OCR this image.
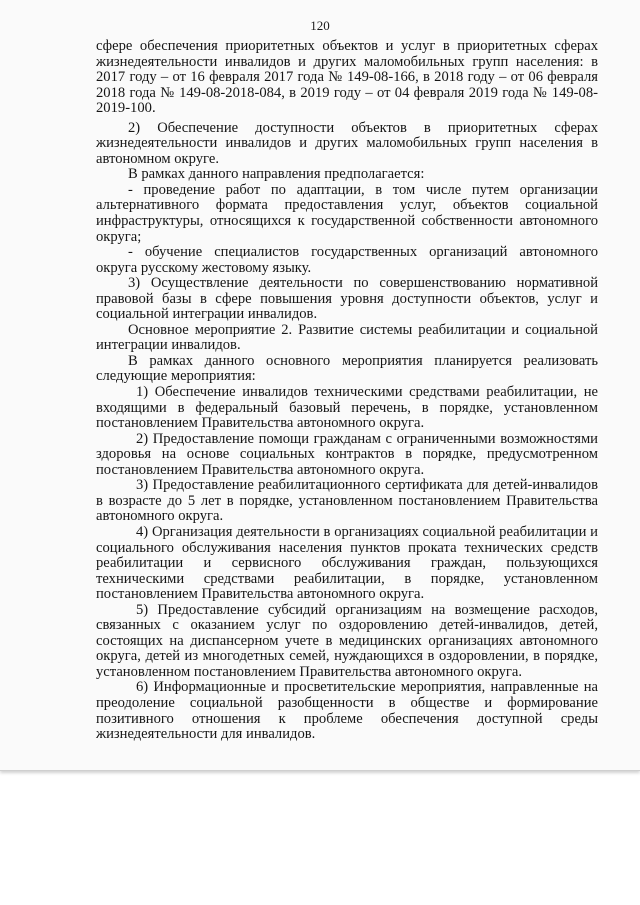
120

сфере обеспечения приоритетных объектов и услуг в приоритетных сферах жизнедеятельности инвалидов и других маломобильных групп населения: в 2017 году – от 16 февраля 2017 года № 149-08-166, в 2018 году – от 06 февраля 2018 года № 149-08-2018-084, в 2019 году – от 04 февраля 2019 года № 149-08-2019-100.

2) Обеспечение доступности объектов в приоритетных сферах жизнедеятельности инвалидов и других маломобильных групп населения в автономном округе.

В рамках данного направления предполагается:

- проведение работ по адаптации, в том числе путем организации альтернативного формата предоставления услуг, объектов социальной инфраструктуры, относящихся к государственной собственности автономного округа;

- обучение специалистов государственных организаций автономного округа русскому жестовому языку.

3) Осуществление деятельности по совершенствованию нормативной правовой базы в сфере повышения уровня доступности объектов, услуг и социальной интеграции инвалидов.

Основное мероприятие 2. Развитие системы реабилитации и социальной интеграции инвалидов.

В рамках данного основного мероприятия планируется реализовать следующие мероприятия:

1) Обеспечение инвалидов техническими средствами реабилитации, не входящими в федеральный базовый перечень, в порядке, установленном постановлением Правительства автономного округа.

2) Предоставление помощи гражданам с ограниченными возможностями здоровья на основе социальных контрактов в порядке, предусмотренном постановлением Правительства автономного округа.

3) Предоставление реабилитационного сертификата для детей-инвалидов в возрасте до 5 лет в порядке, установленном постановлением Правительства автономного округа.

4) Организация деятельности в организациях социальной реабилитации и социального обслуживания населения пунктов проката технических средств реабилитации и сервисного обслуживания граждан, пользующихся техническими средствами реабилитации, в порядке, установленном постановлением Правительства автономного округа.

5) Предоставление субсидий организациям на возмещение расходов, связанных с оказанием услуг по оздоровлению детей-инвалидов, детей, состоящих на диспансерном учете в медицинских организациях автономного округа, детей из многодетных семей, нуждающихся в оздоровлении, в порядке, установленном постановлением Правительства автономного округа.

6) Информационные и просветительские мероприятия, направленные на преодоление социальной разобщенности в обществе и формирование позитивного отношения к проблеме обеспечения доступной среды жизнедеятельности для инвалидов.
